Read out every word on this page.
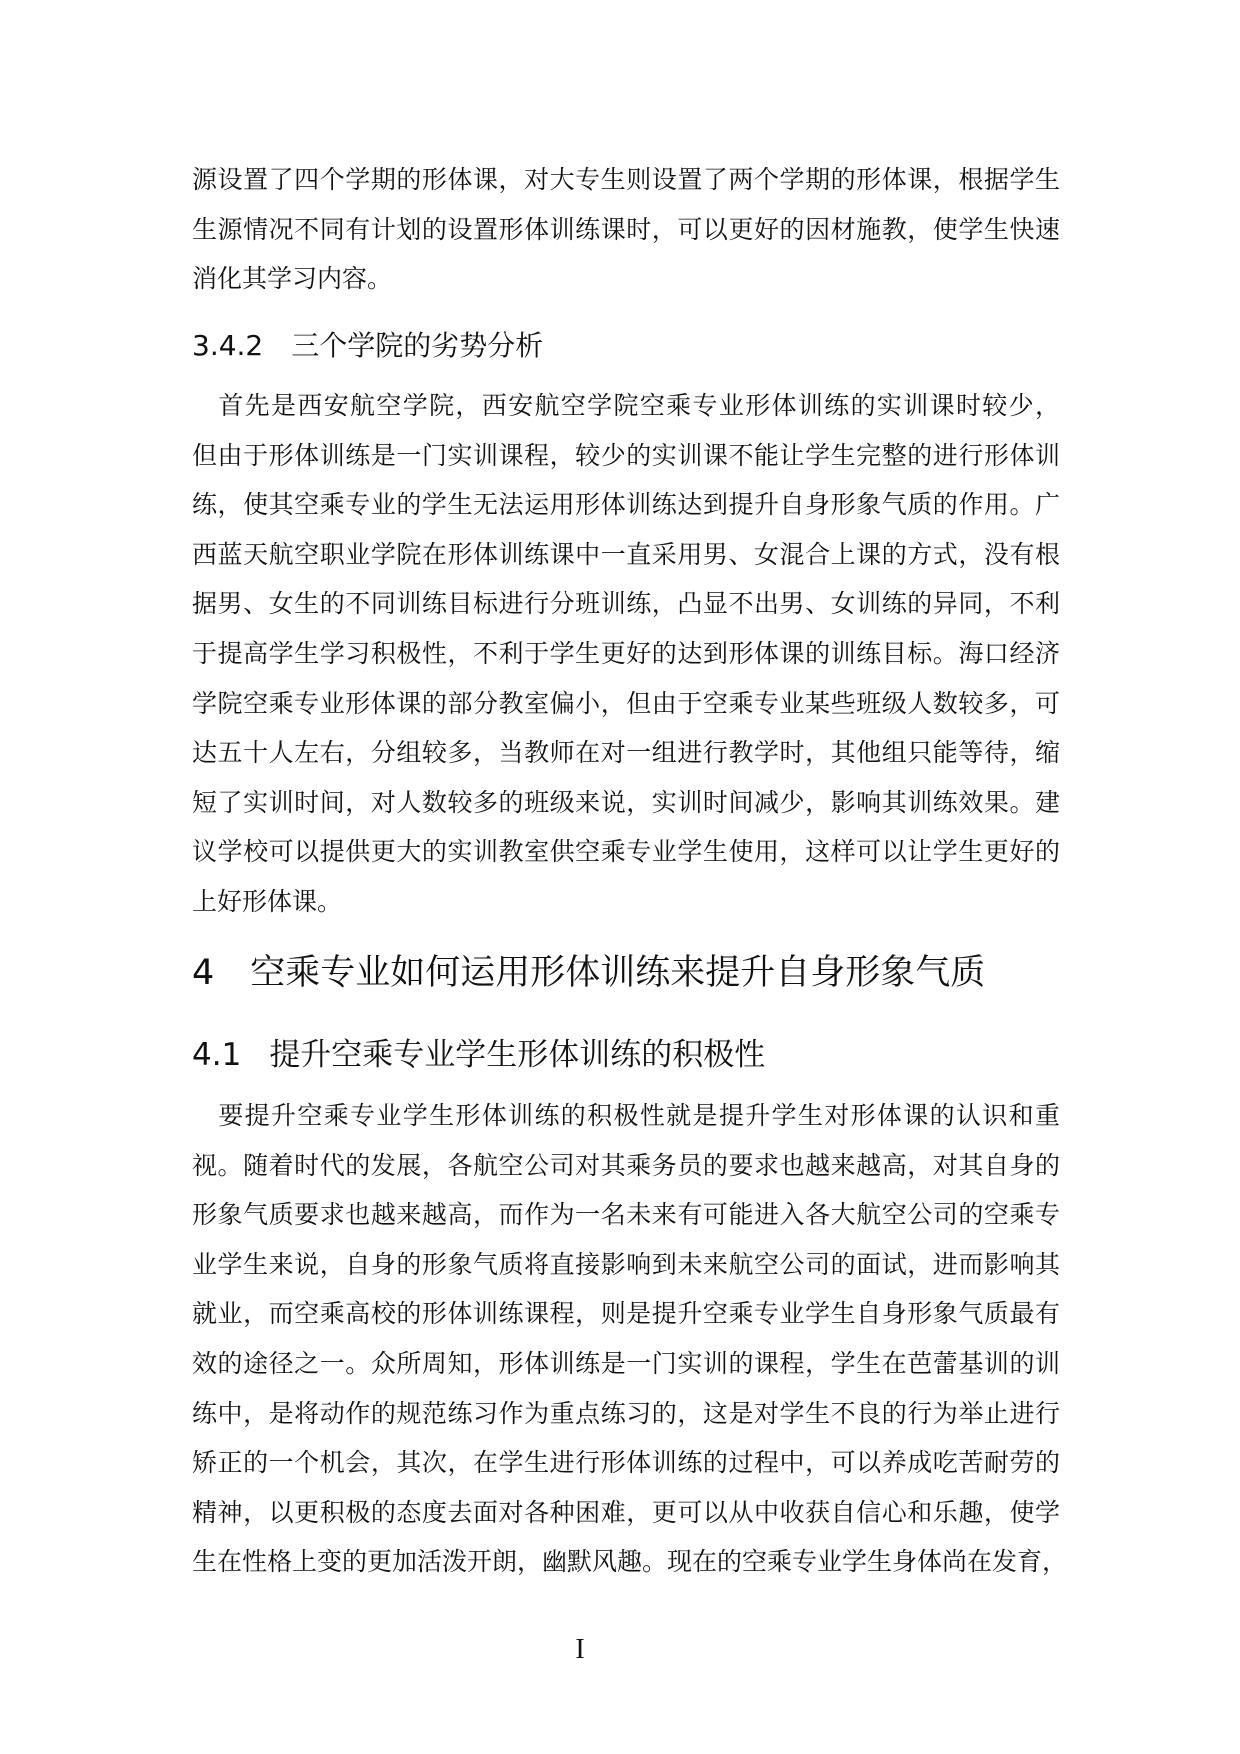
源设置了四个学期的形体课，对大专生则设置了两个学期的形体课，根据学生
生源情况不同有计划的设置形体训练课时，可以更好的因材施教，使学生快速
消化其学习内容。
　首先是西安航空学院，西安航空学院空乘专业形体训练的实训课时较少，
但由于形体训练是一门实训课程，较少的实训课不能让学生完整的进行形体训
练，使其空乘专业的学生无法运用形体训练达到提升自身形象气质的作用。广
西蓝天航空职业学院在形体训练课中一直采用男、女混合上课的方式，没有根
据男、女生的不同训练目标进行分班训练，凸显不出男、女训练的异同，不利
于提高学生学习积极性，不利于学生更好的达到形体课的训练目标。海口经济
学院空乘专业形体课的部分教室偏小，但由于空乘专业某些班级人数较多，可
达五十人左右，分组较多，当教师在对一组进行教学时，其他组只能等待，缩
短了实训时间，对人数较多的班级来说，实训时间减少，影响其训练效果。建
议学校可以提供更大的实训教室供空乘专业学生使用，这样可以让学生更好的
上好形体课。
　要提升空乘专业学生形体训练的积极性就是提升学生对形体课的认识和重
视。随着时代的发展，各航空公司对其乘务员的要求也越来越高，对其自身的
形象气质要求也越来越高，而作为一名未来有可能进入各大航空公司的空乘专
业学生来说，自身的形象气质将直接影响到未来航空公司的面试，进而影响其
就业，而空乘高校的形体训练课程，则是提升空乘专业学生自身形象气质最有
效的途径之一。众所周知，形体训练是一门实训的课程，学生在芭蕾基训的训
练中，是将动作的规范练习作为重点练习的，这是对学生不良的行为举止进行
矫正的一个机会，其次，在学生进行形体训练的过程中，可以养成吃苦耐劳的
精神，以更积极的态度去面对各种困难，更可以从中收获自信心和乐趣，使学
生在性格上变的更加活泼开朗，幽默风趣。现在的空乘专业学生身体尚在发育，
3.4.2 三个学院的劣势分析
4 空乘专业如何运用形体训练来提升自身形象气质
4.1 提升空乘专业学生形体训练的积极性
I
